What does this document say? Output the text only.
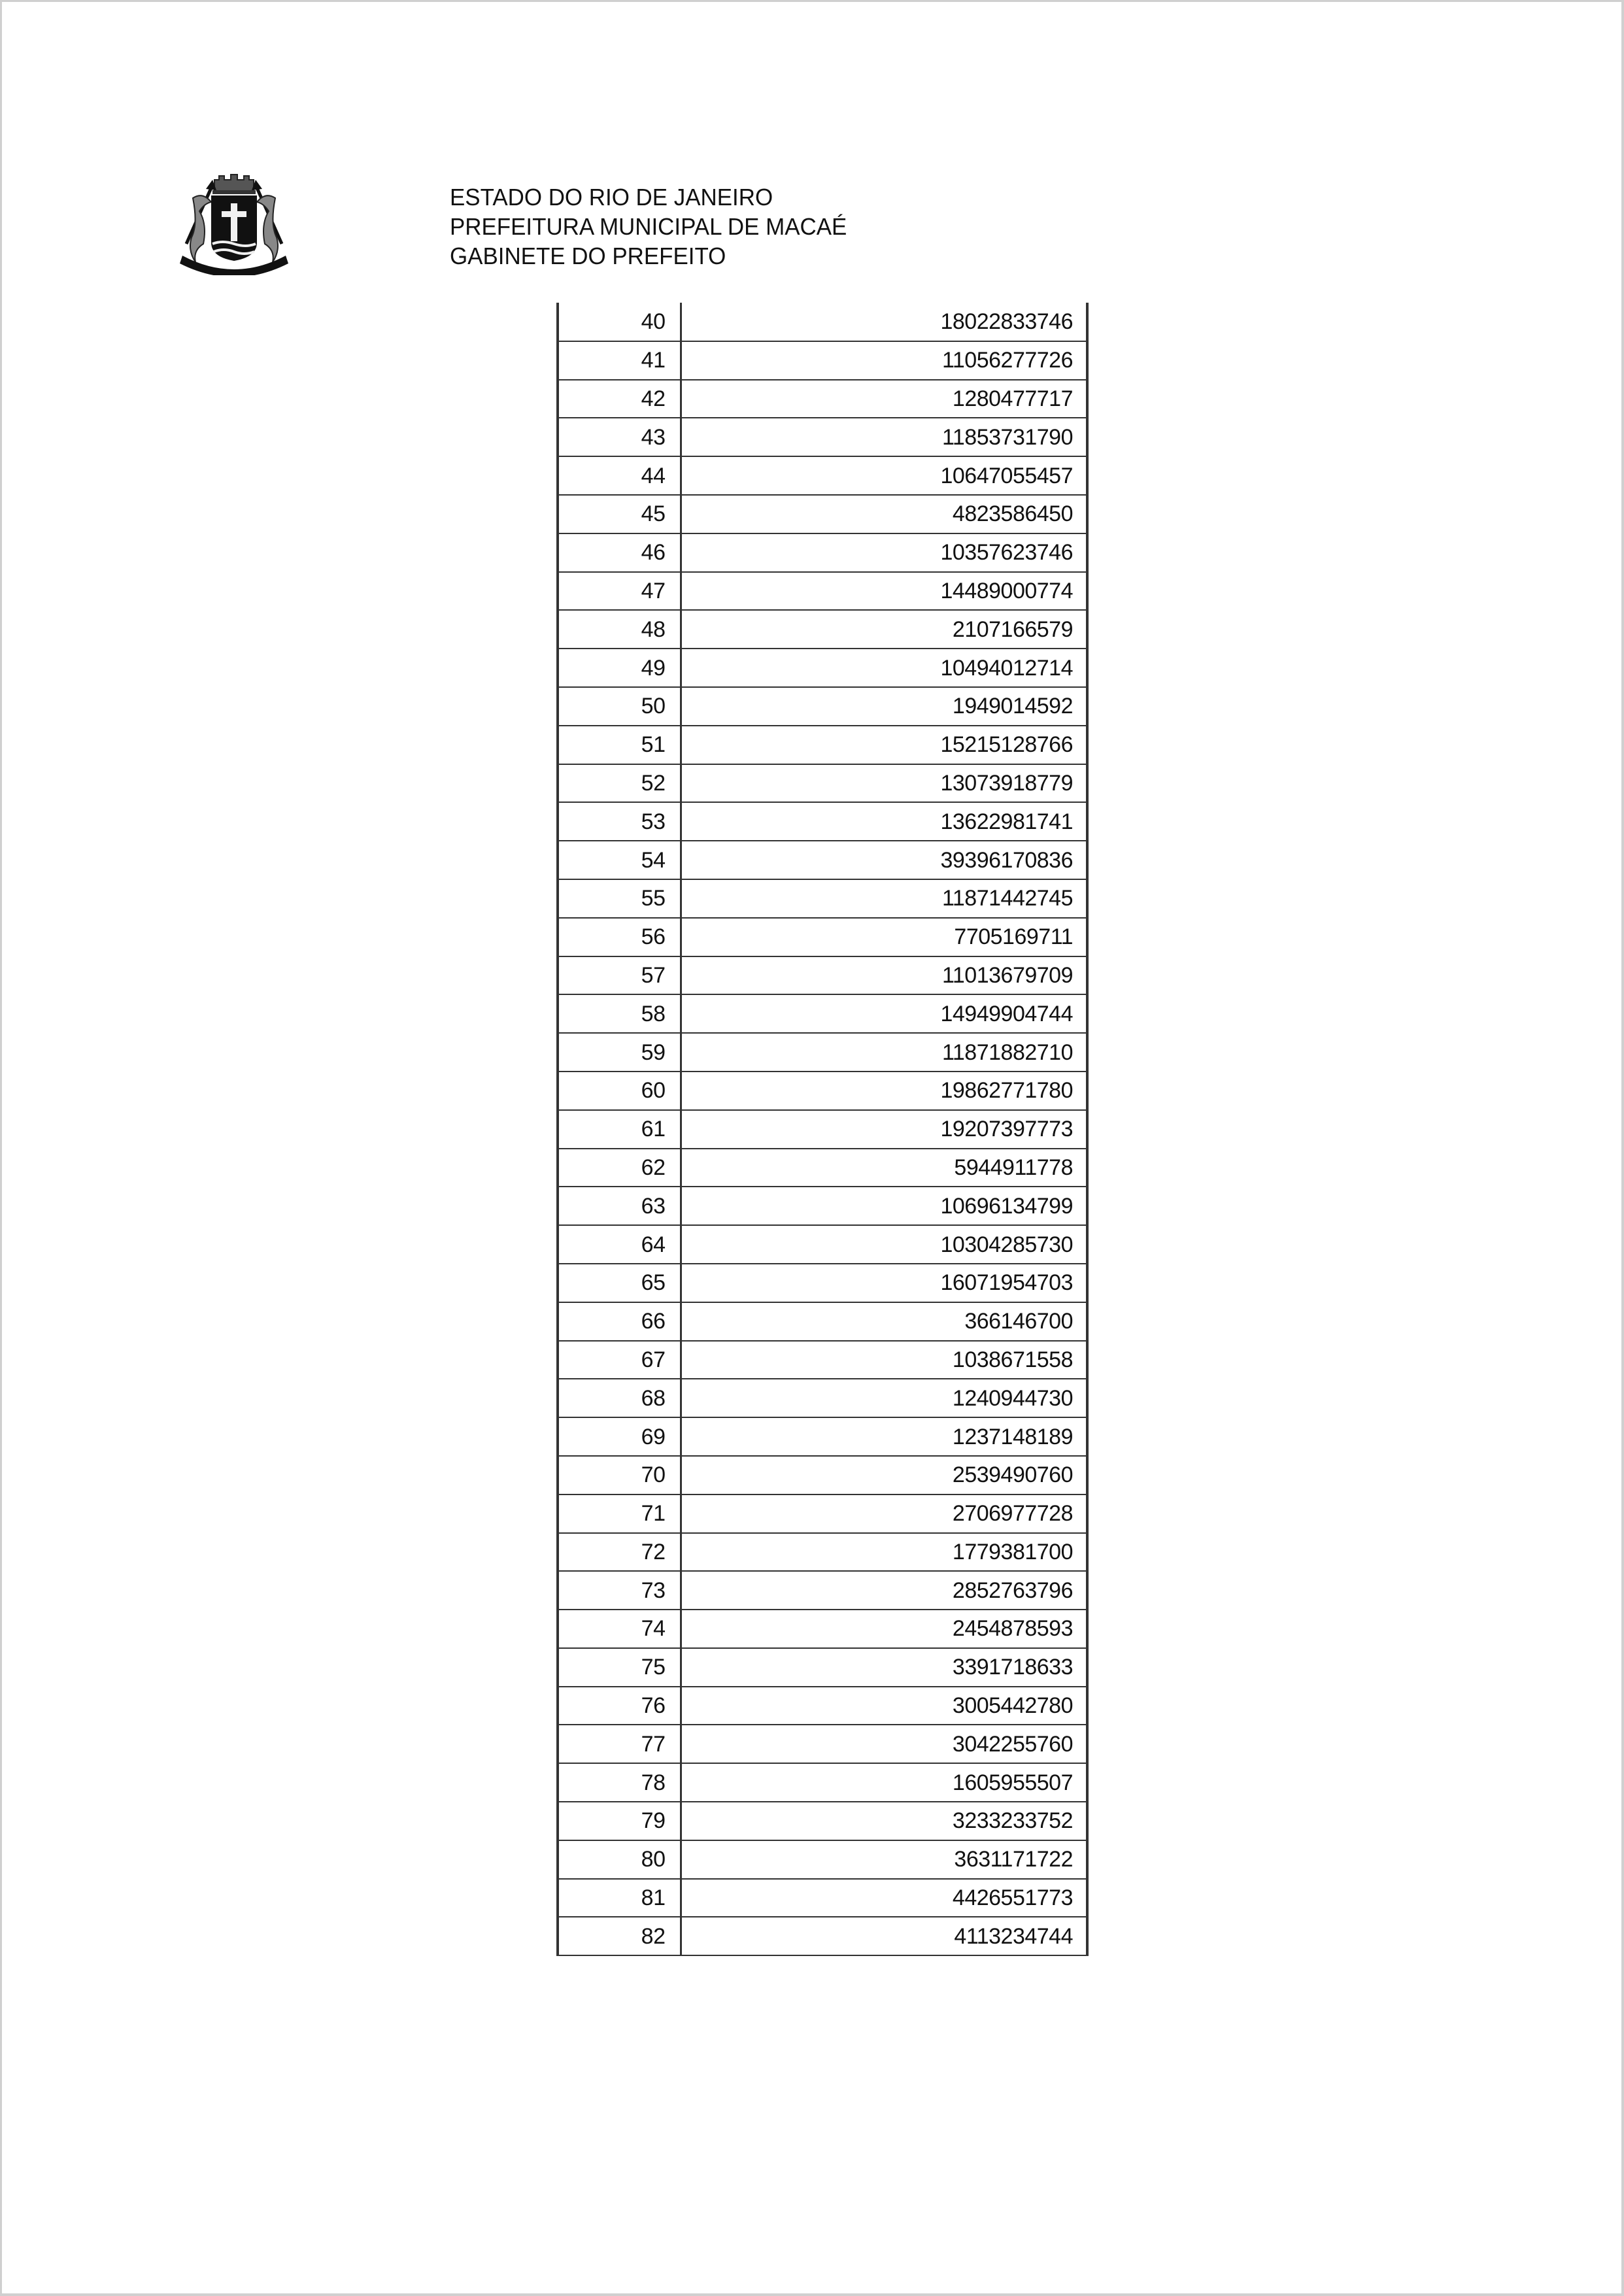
ESTADO DO RIO DE JANEIRO
PREFEITURA MUNICIPAL DE MACAÉ
GABINETE DO PREFEITO
40	18022833746
41	11056277726
42	1280477717
43	11853731790
44	10647055457
45	4823586450
46	10357623746
47	14489000774
48	2107166579
49	10494012714
50	1949014592
51	15215128766
52	13073918779
53	13622981741
54	39396170836
55	11871442745
56	7705169711
57	11013679709
58	14949904744
59	11871882710
60	19862771780
61	19207397773
62	5944911778
63	10696134799
64	10304285730
65	16071954703
66	366146700
67	1038671558
68	1240944730
69	1237148189
70	2539490760
71	2706977728
72	1779381700
73	2852763796
74	2454878593
75	3391718633
76	3005442780
77	3042255760
78	1605955507
79	3233233752
80	3631171722
81	4426551773
82	4113234744
